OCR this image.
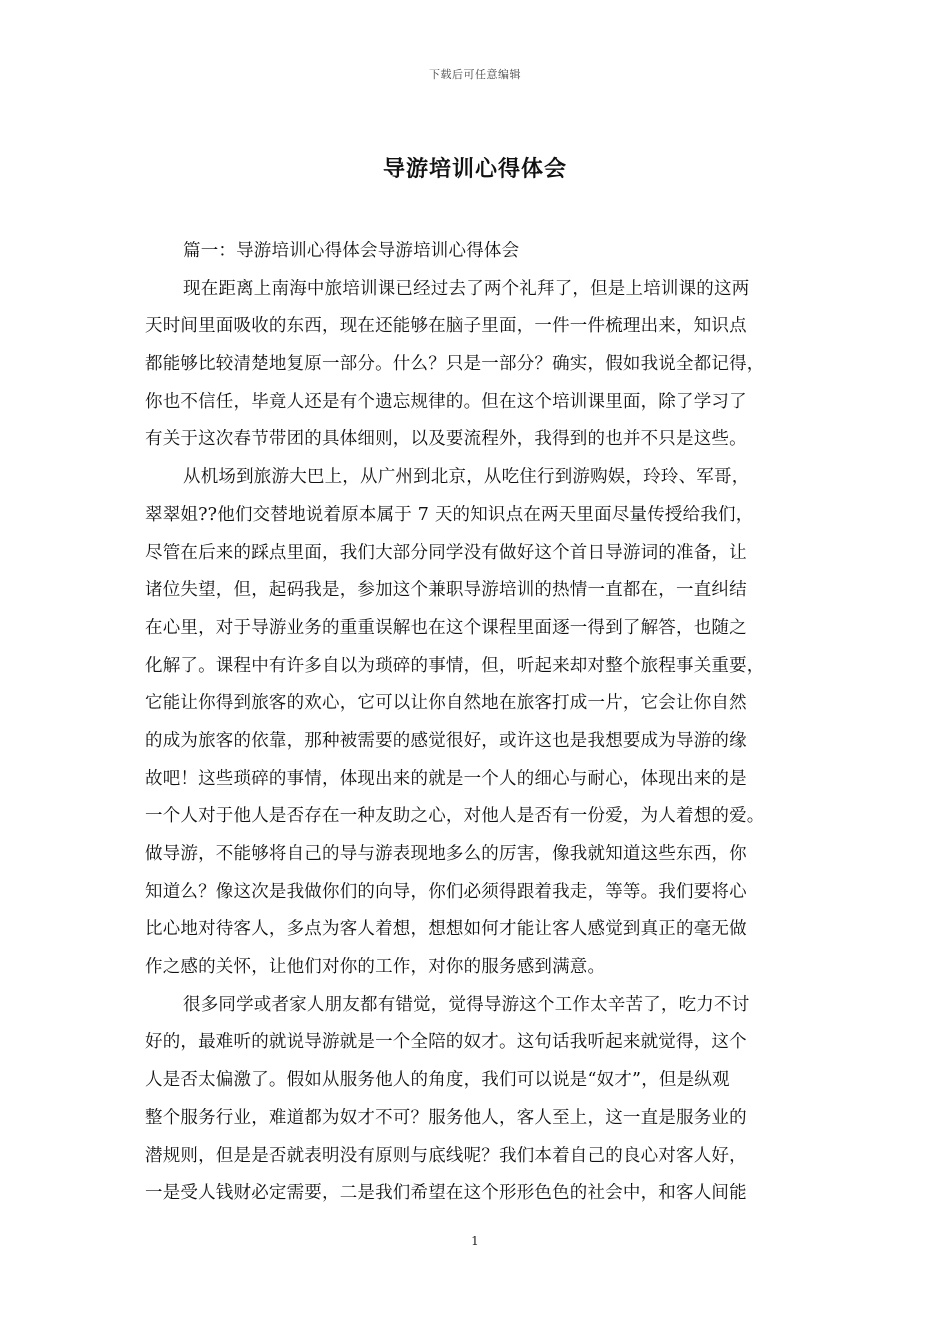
下载后可任意编辑
导游培训心得体会
篇一：导游培训心得体会导游培训心得体会
现在距离上南海中旅培训课已经过去了两个礼拜了，但是上培训课的这两
天时间里面吸收的东西，现在还能够在脑子里面，一件一件梳理出来，知识点
都能够比较清楚地复原一部分。什么？只是一部分？确实，假如我说全都记得，
你也不信任，毕竟人还是有个遗忘规律的。但在这个培训课里面，除了学习了
有关于这次春节带团的具体细则，以及要流程外，我得到的也并不只是这些。
从机场到旅游大巴上，从广州到北京，从吃住行到游购娱，玲玲、军哥，
翠翠姐??他们交替地说着原本属于 7 天的知识点在两天里面尽量传授给我们，
尽管在后来的踩点里面，我们大部分同学没有做好这个首日导游词的准备，让
诸位失望，但，起码我是，参加这个兼职导游培训的热情一直都在，一直纠结
在心里，对于导游业务的重重误解也在这个课程里面逐一得到了解答，也随之
化解了。课程中有许多自以为琐碎的事情，但，听起来却对整个旅程事关重要，
它能让你得到旅客的欢心，它可以让你自然地在旅客打成一片，它会让你自然
的成为旅客的依靠，那种被需要的感觉很好，或许这也是我想要成为导游的缘
故吧！这些琐碎的事情，体现出来的就是一个人的细心与耐心，体现出来的是
一个人对于他人是否存在一种友助之心，对他人是否有一份爱，为人着想的爱。
做导游，不能够将自己的导与游表现地多么的厉害，像我就知道这些东西，你
知道么？像这次是我做你们的向导，你们必须得跟着我走，等等。我们要将心
比心地对待客人，多点为客人着想，想想如何才能让客人感觉到真正的毫无做
作之感的关怀，让他们对你的工作，对你的服务感到满意。
很多同学或者家人朋友都有错觉，觉得导游这个工作太辛苦了，吃力不讨
好的，最难听的就说导游就是一个全陪的奴才。这句话我听起来就觉得，这个
人是否太偏激了。假如从服务他人的角度，我们可以说是“奴才”，但是纵观
整个服务行业，难道都为奴才不可？服务他人，客人至上，这一直是服务业的
潜规则，但是是否就表明没有原则与底线呢？我们本着自己的良心对客人好，
一是受人钱财必定需要，二是我们希望在这个形形色色的社会中，和客人间能
1
